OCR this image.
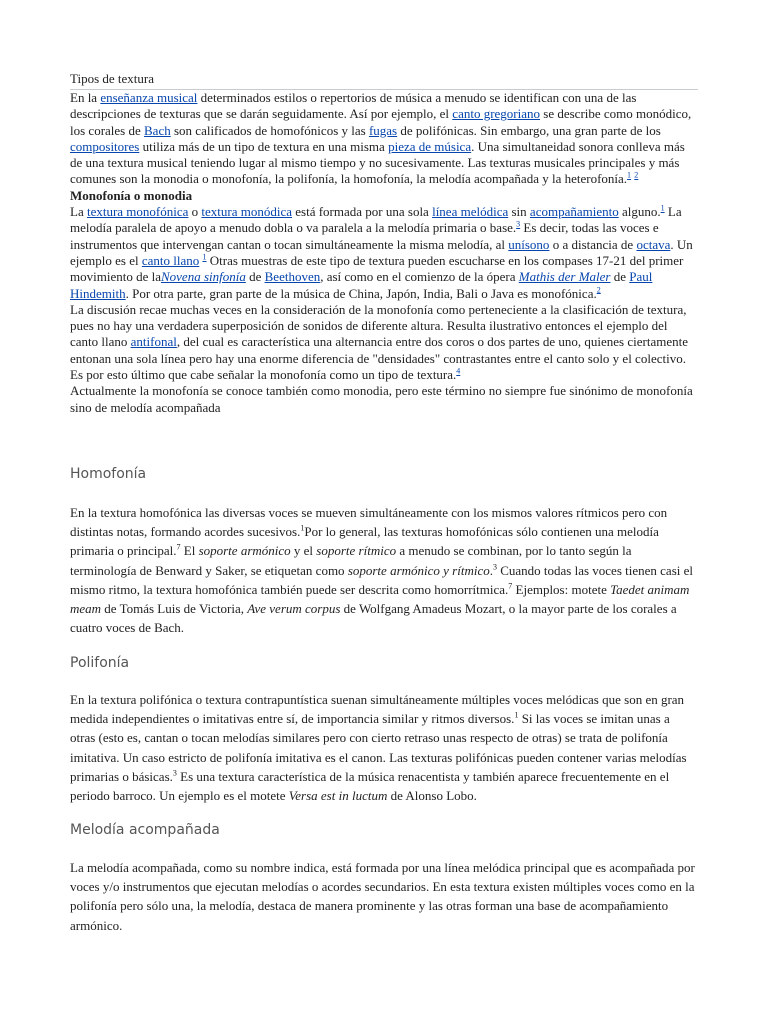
Tipos de textura

En la enseñanza musical determinados estilos o repertorios de música a menudo se identifican con una de las descripciones de texturas que se darán seguidamente. Así por ejemplo, el canto gregoriano se describe como monódico, los corales de Bach son calificados de homofónicos y las fugas de polifónicas. Sin embargo, una gran parte de los compositores utiliza más de un tipo de textura en una misma pieza de música. Una simultaneidad sonora conlleva más de una textura musical teniendo lugar al mismo tiempo y no sucesivamente. Las texturas musicales principales y más comunes son la monodia o monofonía, la polifonía, la homofonía, la melodía acompañada y la heterofonía.$^1$ $^2$

Monofonía o monodia

La textura monofónica o textura monódica está formada por una sola línea melódica sin acompañamiento alguno.$^1$ La melodía paralela de apoyo a menudo dobla o va paralela a la melodía primaria o base.$^3$ Es decir, todas las voces e instrumentos que intervengan cantan o tocan simultáneamente la misma melodía, al unísono o a distancia de octava. Un ejemplo es el canto llano $^1$ Otras muestras de este tipo de textura pueden escucharse en los compases 17-21 del primer movimiento de laNovena sinfonía de Beethoven, así como en el comienzo de la ópera Mathis der Maler de Paul Hindemith. Por otra parte, gran parte de la música de China, Japón, India, Bali o Java es monofónica.$^2$

La discusión recae muchas veces en la consideración de la monofonía como perteneciente a la clasificación de textura, pues no hay una verdadera superposición de sonidos de diferente altura. Resulta ilustrativo entonces el ejemplo del canto llano antifonal, del cual es característica una alternancia entre dos coros o dos partes de uno, quienes ciertamente entonan una sola línea pero hay una enorme diferencia de "densidades" contrastantes entre el canto solo y el colectivo. Es por esto último que cabe señalar la monofonía como un tipo de textura.$^4$

Actualmente la monofonía se conoce también como monodia, pero este término no siempre fue sinónimo de monofonía sino de melodía acompañada

Homofonía

En la textura homofónica las diversas voces se mueven simultáneamente con los mismos valores rítmicos pero con distintas notas, formando acordes sucesivos.$^1$Por lo general, las texturas homofónicas sólo contienen una melodía primaria o principal.$^7$ El soporte armónico y el soporte rítmico a menudo se combinan, por lo tanto según la terminología de Benward y Saker, se etiquetan como soporte armónico y rítmico.$^3$ Cuando todas las voces tienen casi el mismo ritmo, la textura homofónica también puede ser descrita como homorrítmica.$^7$ Ejemplos: motete Taedet animam meam de Tomás Luis de Victoria, Ave verum corpus de Wolfgang Amadeus Mozart, o la mayor parte de los corales a cuatro voces de Bach.

Polifonía

En la textura polifónica o textura contrapuntística suenan simultáneamente múltiples voces melódicas que son en gran medida independientes o imitativas entre sí, de importancia similar y ritmos diversos.$^1$ Si las voces se imitan unas a otras (esto es, cantan o tocan melodías similares pero con cierto retraso unas respecto de otras) se trata de polifonía imitativa. Un caso estricto de polifonía imitativa es el canon. Las texturas polifónicas pueden contener varias melodías primarias o básicas.$^3$ Es una textura característica de la música renacentista y también aparece frecuentemente en el periodo barroco. Un ejemplo es el motete Versa est in luctum de Alonso Lobo.

Melodía acompañada

La melodía acompañada, como su nombre indica, está formada por una línea melódica principal que es acompañada por voces y/o instrumentos que ejecutan melodías o acordes secundarios. En esta textura existen múltiples voces como en la polifonía pero sólo una, la melodía, destaca de manera prominente y las otras forman una base de acompañamiento armónico.
